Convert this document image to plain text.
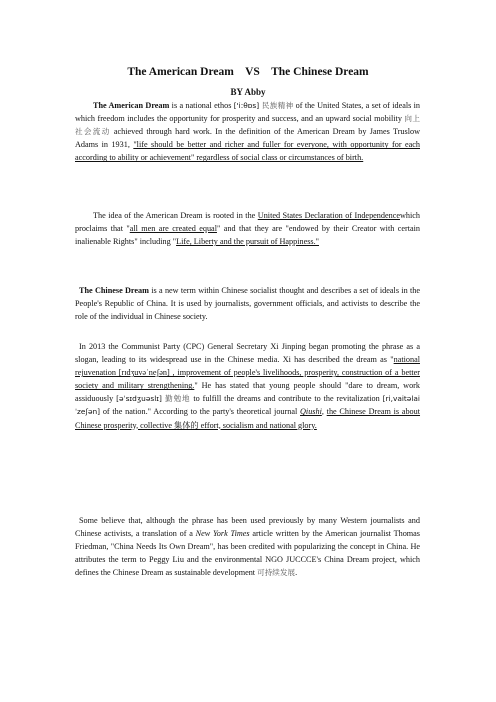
The American Dream    VS    The Chinese Dream
BY Abby

The American Dream is a national ethos ['i:θɒs] 民族精神 of the United States, a set of ideals in which freedom includes the opportunity for prosperity and success, and an upward social mobility 向上社会流动 achieved through hard work. In the definition of the American Dream by James Truslow Adams in 1931, "life should be better and richer and fuller for everyone, with opportunity for each according to ability or achievement" regardless of social class or circumstances of birth.

The idea of the American Dream is rooted in the United States Declaration of Independencewhich proclaims that "all men are created equal" and that they are "endowed by their Creator with certain inalienable Rights" including "Life, Liberty and the pursuit of Happiness."

The Chinese Dream is a new term within Chinese socialist thought and describes a set of ideals in the People's Republic of China. It is used by journalists, government officials, and activists to describe the role of the individual in Chinese society.

In 2013 the Communist Party (CPC) General Secretary Xi Jinping began promoting the phrase as a slogan, leading to its widespread use in the Chinese media. Xi has described the dream as "national rejuvenation [rɪdʒuvəˈneʃən] , improvement of people's livelihoods, prosperity, construction of a better society and military strengthening." He has stated that young people should "dare to dream, work assiduously [əˈsɪdʒuəslɪ] 勤勉地 to fulfill the dreams and contribute to the revitalization [ri,vaitəlaiˈzeʃən] of the nation." According to the party's theoretical journal Qiushi, the Chinese Dream is about Chinese prosperity, collective 集体的 effort, socialism and national glory.

Some believe that, although the phrase has been used previously by many Western journalists and Chinese activists, a translation of a New York Times article written by the American journalist Thomas Friedman, "China Needs Its Own Dream", has been credited with popularizing the concept in China. He attributes the term to Peggy Liu and the environmental NGO JUCCCE's China Dream project, which defines the Chinese Dream as sustainable development 可持续发展.
